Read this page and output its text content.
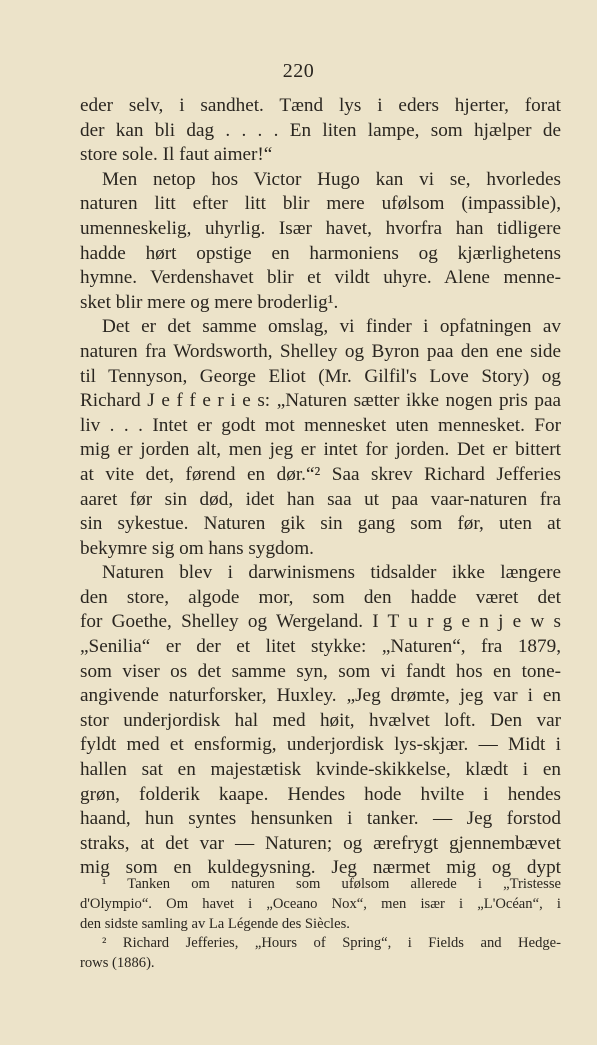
220
eder selv, i sandhet. Tænd lys i eders hjerter, forat
der kan bli dag . . . . En liten lampe, som hjælper de
store sole. Il faut aimer!“
Men netop hos Victor Hugo kan vi se, hvorledes
naturen litt efter litt blir mere ufølsom (impassible),
umenneskelig, uhyrlig. Især havet, hvorfra han tidligere
hadde hørt opstige en harmoniens og kjærlighetens
hymne. Verdenshavet blir et vildt uhyre. Alene menne-
sket blir mere og mere broderlig¹.
Det er det samme omslag, vi finder i opfatningen av
naturen fra Wordsworth, Shelley og Byron paa den ene side
til Tennyson, George Eliot (Mr. Gilfil's Love Story) og
Richard J e f f e r i e s: „Naturen sætter ikke nogen pris paa
liv . . . Intet er godt mot mennesket uten mennesket. For
mig er jorden alt, men jeg er intet for jorden. Det er bittert
at vite det, førend en dør.“² Saa skrev Richard Jefferies
aaret før sin død, idet han saa ut paa vaar-naturen fra
sin sykestue. Naturen gik sin gang som før, uten at
bekymre sig om hans sygdom.
Naturen blev i darwinismens tidsalder ikke længere
den store, algode mor, som den hadde været det
for Goethe, Shelley og Wergeland. I T u r g e n j e w s
„Senilia“ er der et litet stykke: „Naturen“, fra 1879,
som viser os det samme syn, som vi fandt hos en tone-
angivende naturforsker, Huxley. „Jeg drømte, jeg var i en
stor underjordisk hal med høit, hvælvet loft. Den var
fyldt med et ensformig, underjordisk lys-skjær. — Midt i
hallen sat en majestætisk kvinde-skikkelse, klædt i en
grøn, folderik kaape. Hendes hode hvilte i hendes
haand, hun syntes hensunken i tanker. — Jeg forstod
straks, at det var — Naturen; og ærefrygt gjennembævet
mig som en kuldegysning. Jeg nærmet mig og dypt
¹ Tanken om naturen som ufølsom allerede i „Tristesse
d'Olympio“. Om havet i „Oceano Nox“, men især i „L'Océan“, i
den sidste samling av La Légende des Siècles.
² Richard Jefferies, „Hours of Spring“, i Fields and Hedge-
rows (1886).
